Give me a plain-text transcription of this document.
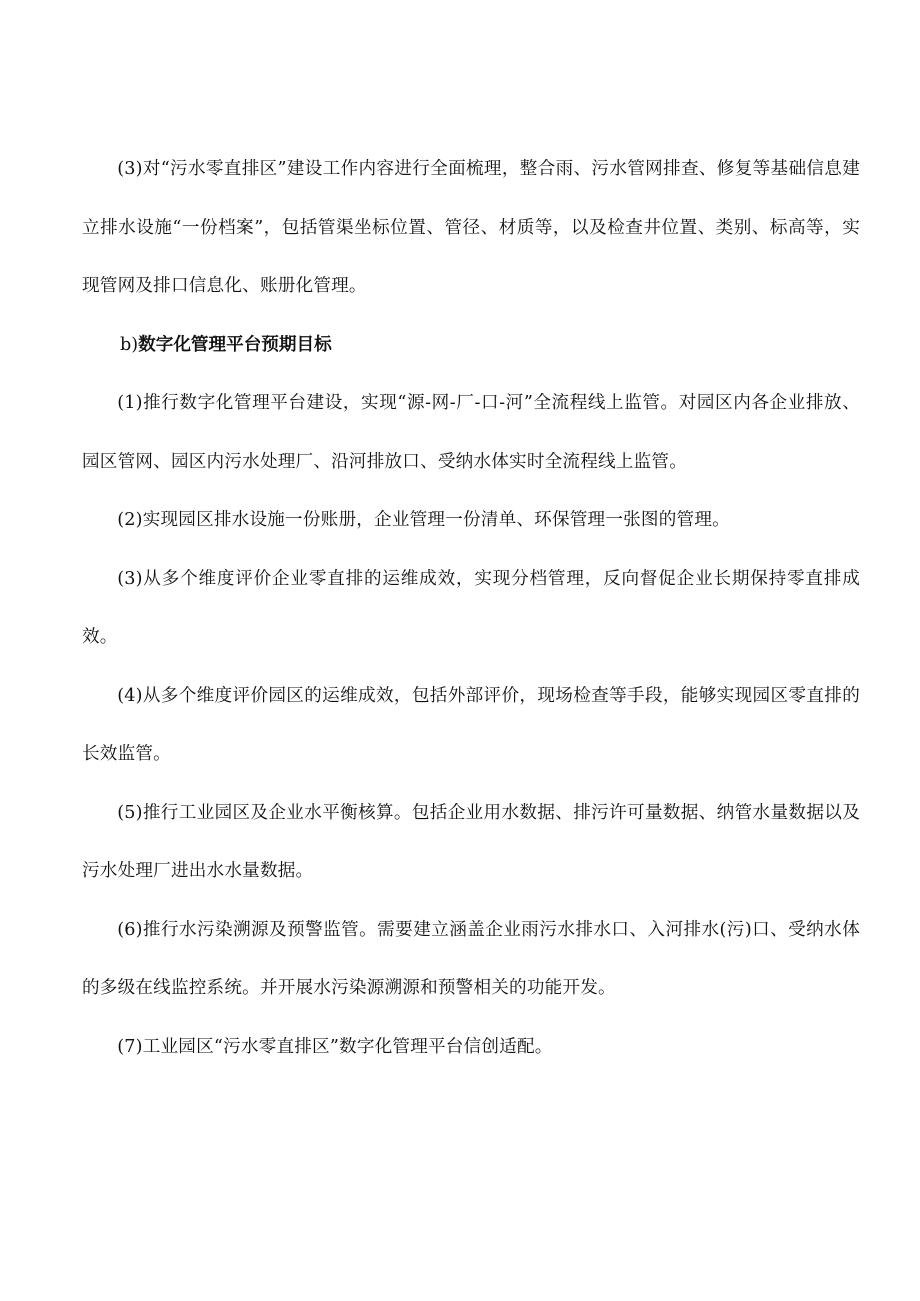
(3)对“污水零直排区”建设工作内容进行全面梳理，整合雨、污水管网排查、修复等基础信息建立排水设施“一份档案”，包括管渠坐标位置、管径、材质等，以及检查井位置、类别、标高等，实现管网及排口信息化、账册化管理。

b)数字化管理平台预期目标

(1)推行数字化管理平台建设，实现“源-网-厂-口-河”全流程线上监管。对园区内各企业排放、园区管网、园区内污水处理厂、沿河排放口、受纳水体实时全流程线上监管。

(2)实现园区排水设施一份账册，企业管理一份清单、环保管理一张图的管理。

(3)从多个维度评价企业零直排的运维成效，实现分档管理，反向督促企业长期保持零直排成效。

(4)从多个维度评价园区的运维成效，包括外部评价，现场检查等手段，能够实现园区零直排的长效监管。

(5)推行工业园区及企业水平衡核算。包括企业用水数据、排污许可量数据、纳管水量数据以及污水处理厂进出水水量数据。

(6)推行水污染溯源及预警监管。需要建立涵盖企业雨污水排水口、入河排水(污)口、受纳水体的多级在线监控系统。并开展水污染源溯源和预警相关的功能开发。

(7)工业园区“污水零直排区”数字化管理平台信创适配。
